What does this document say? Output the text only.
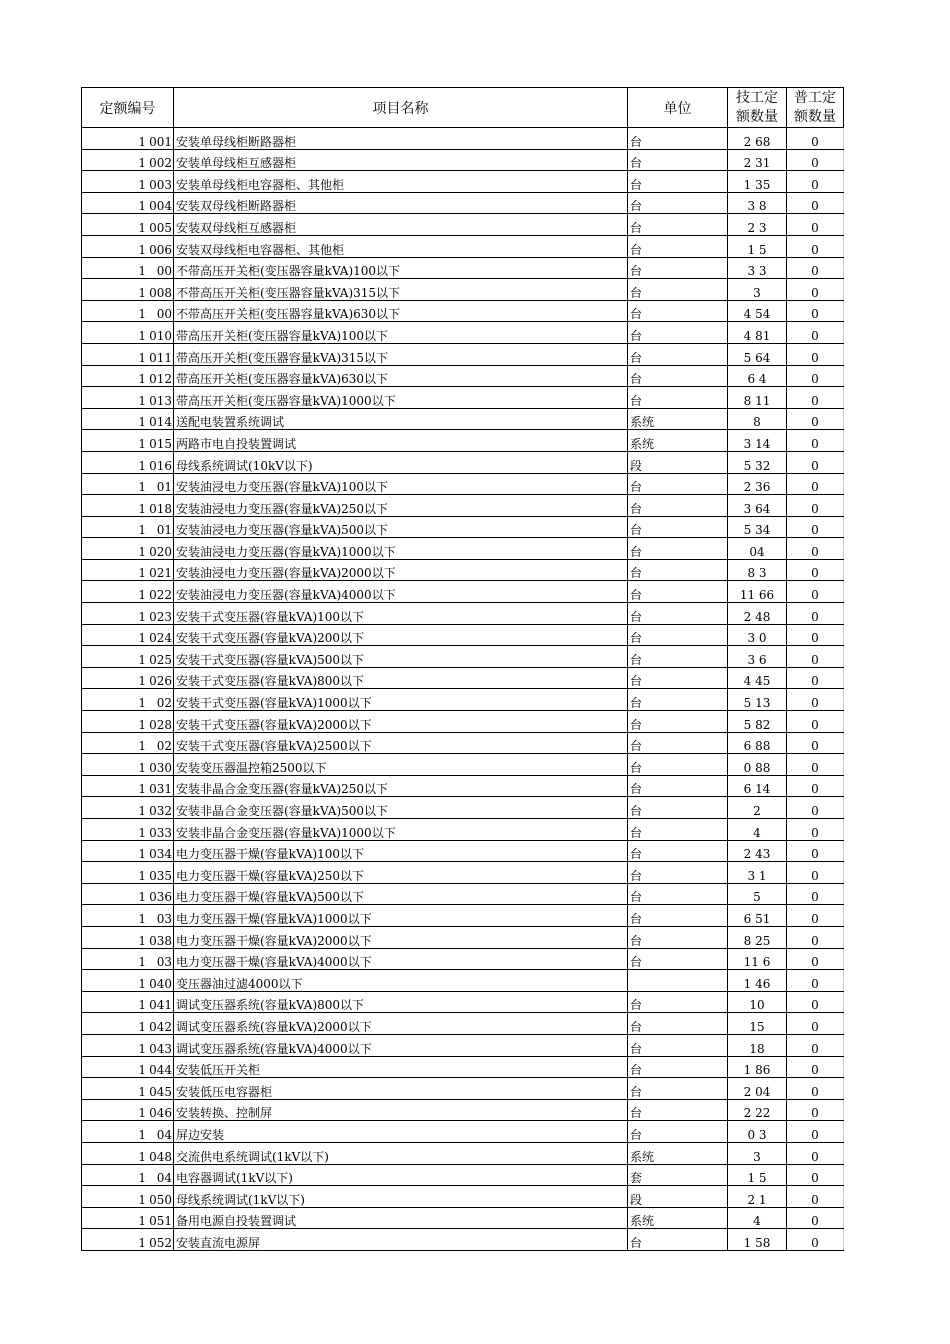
定额编号	项目名称	单位	技工定
额数量	普工定
额数量
1 001	安装单母线柜断路器柜	台	2 68	0
1 002	安装单母线柜互感器柜	台	2 31	0
1 003	安装单母线柜电容器柜、其他柜	台	1 35	0
1 004	安装双母线柜断路器柜	台	3 8	0
1 005	安装双母线柜互感器柜	台	2 3	0
1 006	安装双母线柜电容器柜、其他柜	台	1 5	0
1 00	不带高压开关柜(变压器容量kVA)100以下	台	3 3	0
1 008	不带高压开关柜(变压器容量kVA)315以下	台	3	0
1 00	不带高压开关柜(变压器容量kVA)630以下	台	4 54	0
1 010	带高压开关柜(变压器容量kVA)100以下	台	4 81	0
1 011	带高压开关柜(变压器容量kVA)315以下	台	5 64	0
1 012	带高压开关柜(变压器容量kVA)630以下	台	6 4	0
1 013	带高压开关柜(变压器容量kVA)1000以下	台	8 11	0
1 014	送配电装置系统调试	系统	8	0
1 015	两路市电自投装置调试	系统	3 14	0
1 016	母线系统调试(10kV以下)	段	5 32	0
1 01	安装油浸电力变压器(容量kVA)100以下	台	2 36	0
1 018	安装油浸电力变压器(容量kVA)250以下	台	3 64	0
1 01	安装油浸电力变压器(容量kVA)500以下	台	5 34	0
1 020	安装油浸电力变压器(容量kVA)1000以下	台	04	0
1 021	安装油浸电力变压器(容量kVA)2000以下	台	8 3	0
1 022	安装油浸电力变压器(容量kVA)4000以下	台	11 66	0
1 023	安装干式变压器(容量kVA)100以下	台	2 48	0
1 024	安装干式变压器(容量kVA)200以下	台	3 0	0
1 025	安装干式变压器(容量kVA)500以下	台	3 6	0
1 026	安装干式变压器(容量kVA)800以下	台	4 45	0
1 02	安装干式变压器(容量kVA)1000以下	台	5 13	0
1 028	安装干式变压器(容量kVA)2000以下	台	5 82	0
1 02	安装干式变压器(容量kVA)2500以下	台	6 88	0
1 030	安装变压器温控箱2500以下	台	0 88	0
1 031	安装非晶合金变压器(容量kVA)250以下	台	6 14	0
1 032	安装非晶合金变压器(容量kVA)500以下	台	2	0
1 033	安装非晶合金变压器(容量kVA)1000以下	台	4	0
1 034	电力变压器干燥(容量kVA)100以下	台	2 43	0
1 035	电力变压器干燥(容量kVA)250以下	台	3 1	0
1 036	电力变压器干燥(容量kVA)500以下	台	5	0
1 03	电力变压器干燥(容量kVA)1000以下	台	6 51	0
1 038	电力变压器干燥(容量kVA)2000以下	台	8 25	0
1 03	电力变压器干燥(容量kVA)4000以下	台	11 6	0
1 040	变压器油过滤4000以下		1 46	0
1 041	调试变压器系统(容量kVA)800以下	台	10	0
1 042	调试变压器系统(容量kVA)2000以下	台	15	0
1 043	调试变压器系统(容量kVA)4000以下	台	18	0
1 044	安装低压开关柜	台	1 86	0
1 045	安装低压电容器柜	台	2 04	0
1 046	安装转换、控制屏	台	2 22	0
1 04	屏边安装	台	0 3	0
1 048	交流供电系统调试(1kV以下)	系统	3	0
1 04	电容器调试(1kV以下)	套	1 5	0
1 050	母线系统调试(1kV以下)	段	2 1	0
1 051	备用电源自投装置调试	系统	4	0
1 052	安装直流电源屏	台	1 58	0
